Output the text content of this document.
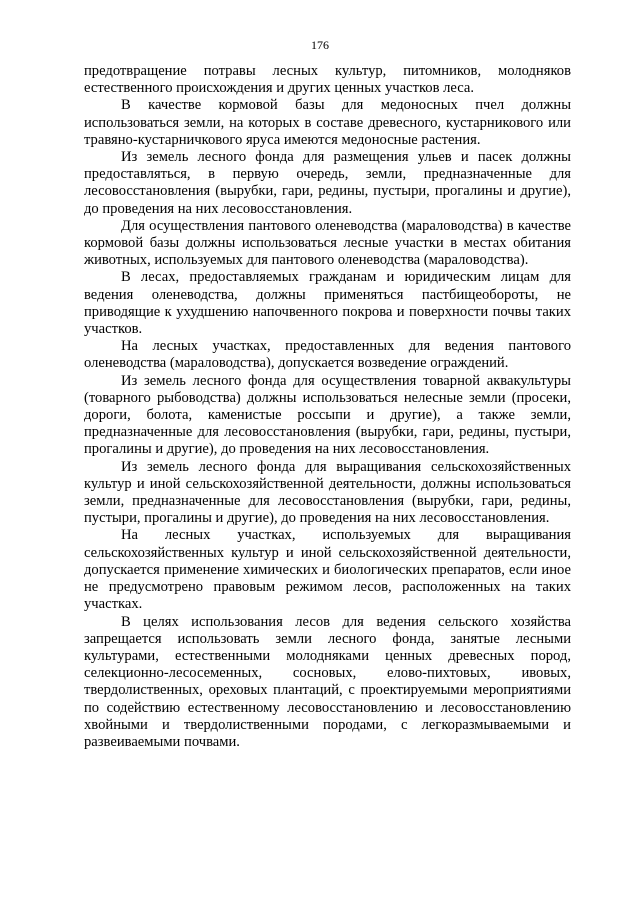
176

предотвращение потравы лесных культур, питомников, молодняков естественного происхождения и других ценных участков леса.

В качестве кормовой базы для медоносных пчел должны использоваться земли, на которых в составе древесного, кустарникового или травяно-кустарничкового яруса имеются медоносные растения.

Из земель лесного фонда для размещения ульев и пасек должны предоставляться, в первую очередь, земли, предназначенные для лесовосстановления (вырубки, гари, редины, пустыри, прогалины и другие), до проведения на них лесовосстановления.

Для осуществления пантового оленеводства (мараловодства) в качестве кормовой базы должны использоваться лесные участки в местах обитания животных, используемых для пантового оленеводства (мараловодства).

В лесах, предоставляемых гражданам и юридическим лицам для ведения оленеводства, должны применяться пастбищеобороты, не приводящие к ухудшению напочвенного покрова и поверхности почвы таких участков.

На лесных участках, предоставленных для ведения пантового оленеводства (мараловодства), допускается возведение ограждений.

Из земель лесного фонда для осуществления товарной аквакультуры (товарного рыбоводства) должны использоваться нелесные земли (просеки, дороги, болота, каменистые россыпи и другие), а также земли, предназначенные для лесовосстановления (вырубки, гари, редины, пустыри, прогалины и другие), до проведения на них лесовосстановления.

Из земель лесного фонда для выращивания сельскохозяйственных культур и иной сельскохозяйственной деятельности, должны использоваться земли, предназначенные для лесовосстановления (вырубки, гари, редины, пустыри, прогалины и другие), до проведения на них лесовосстановления.

На лесных участках, используемых для выращивания сельскохозяйственных культур и иной сельскохозяйственной деятельности, допускается применение химических и биологических препаратов, если иное не предусмотрено правовым режимом лесов, расположенных на таких участках.

В целях использования лесов для ведения сельского хозяйства запрещается использовать земли лесного фонда, занятые лесными культурами, естественными молодняками ценных древесных пород, селекционно-лесосеменных, сосновых, елово-пихтовых, ивовых, твердолиственных, ореховых плантаций, с проектируемыми мероприятиями по содействию естественному лесовосстановлению и лесовосстановлению хвойными и твердолиственными породами, с легкоразмываемыми и развеиваемыми почвами.
